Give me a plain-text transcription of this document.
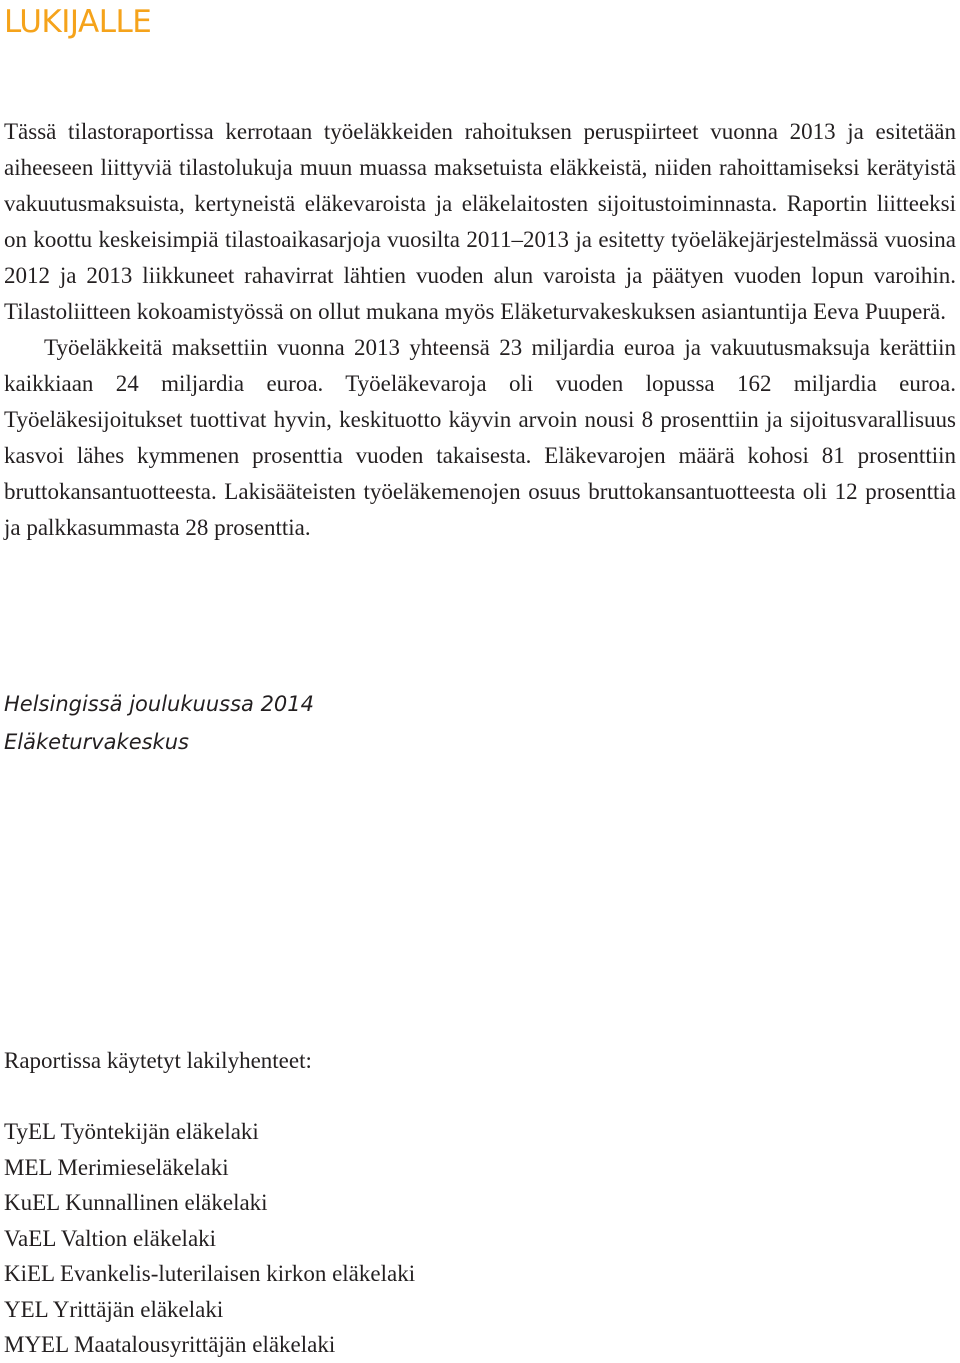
LUKIJALLE

Tässä tilastoraportissa kerrotaan työeläkkeiden rahoituksen peruspiirteet vuonna 2013 ja esitetään aiheeseen liittyviä tilastolukuja muun muassa maksetuista eläkkeistä, niiden rahoittamiseksi kerätyistä vakuutusmaksuista, kertyneistä eläkevaroista ja eläkelaitosten sijoitustoiminnasta. Raportin liitteeksi on koottu keskeisimpiä tilastoaikasarjoja vuosilta 2011–2013 ja esitetty työeläkejärjestelmässä vuosina 2012 ja 2013 liikkuneet rahavirrat lähtien vuoden alun varoista ja päätyen vuoden lopun varoihin. Tilastoliitteen kokoamistyössä on ollut mukana myös Eläketurvakeskuksen asiantuntija Eeva Puuperä.

Työeläkkeitä maksettiin vuonna 2013 yhteensä 23 miljardia euroa ja vakuutusmaksuja kerättiin kaikkiaan 24 miljardia euroa. Työeläkevaroja oli vuoden lopussa 162 miljardia euroa. Työeläkesijoitukset tuottivat hyvin, keskituotto käyvin arvoin nousi 8 prosenttiin ja sijoitusvarallisuus kasvoi lähes kymmenen prosenttia vuoden takaisesta. Eläkevarojen määrä kohosi 81 prosenttiin bruttokansantuotteesta. Lakisääteisten työeläkemenojen osuus bruttokansantuotteesta oli 12 prosenttia ja palkkasummasta 28 prosenttia.

Helsingissä joulukuussa 2014
Eläketurvakeskus
Raportissa käytetyt lakilyhenteet:
TyEL Työntekijän eläkelaki
MEL Merimieseläkelaki
KuEL Kunnallinen eläkelaki
VaEL Valtion eläkelaki
KiEL Evankelis-luterilaisen kirkon eläkelaki
YEL Yrittäjän eläkelaki
MYEL Maatalousyrittäjän eläkelaki
